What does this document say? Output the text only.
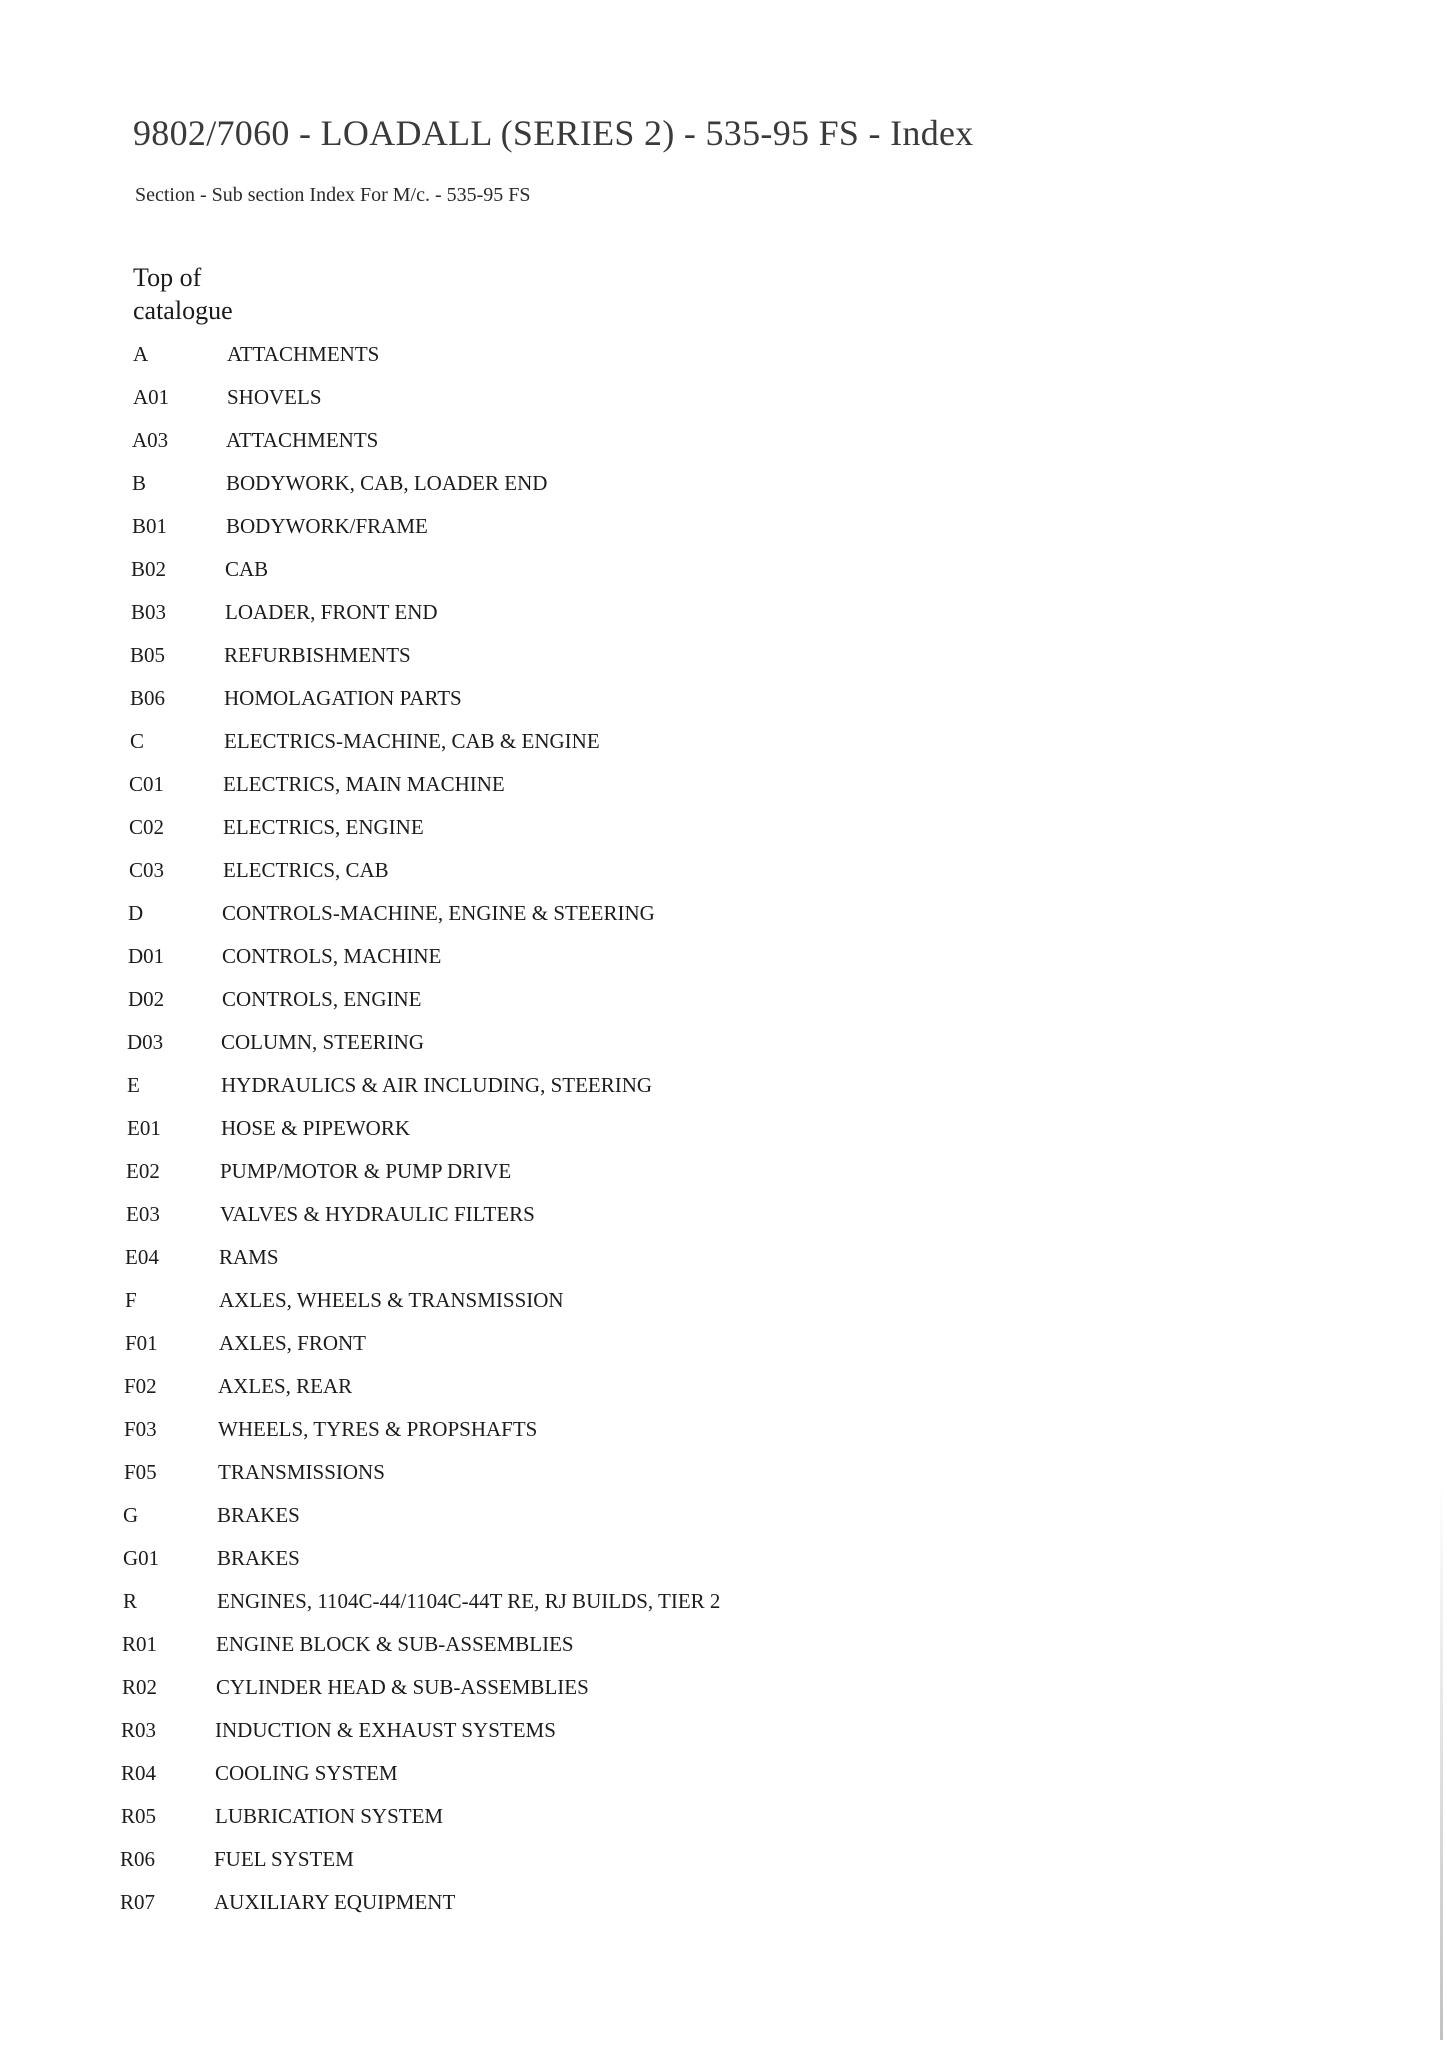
9802/7060 - LOADALL (SERIES 2) - 535-95 FS - Index
Section - Sub section Index For M/c. - 535-95 FS
Top of catalogue
A	ATTACHMENTS
A01	SHOVELS
A03	ATTACHMENTS
B	BODYWORK, CAB, LOADER END
B01	BODYWORK/FRAME
B02	CAB
B03	LOADER, FRONT END
B05	REFURBISHMENTS
B06	HOMOLAGATION PARTS
C	ELECTRICS-MACHINE, CAB & ENGINE
C01	ELECTRICS, MAIN MACHINE
C02	ELECTRICS, ENGINE
C03	ELECTRICS, CAB
D	CONTROLS-MACHINE, ENGINE & STEERING
D01	CONTROLS, MACHINE
D02	CONTROLS, ENGINE
D03	COLUMN, STEERING
E	HYDRAULICS & AIR INCLUDING, STEERING
E01	HOSE & PIPEWORK
E02	PUMP/MOTOR & PUMP DRIVE
E03	VALVES & HYDRAULIC FILTERS
E04	RAMS
F	AXLES, WHEELS & TRANSMISSION
F01	AXLES, FRONT
F02	AXLES, REAR
F03	WHEELS, TYRES & PROPSHAFTS
F05	TRANSMISSIONS
G	BRAKES
G01	BRAKES
R	ENGINES, 1104C-44/1104C-44T RE, RJ BUILDS, TIER 2
R01	ENGINE BLOCK & SUB-ASSEMBLIES
R02	CYLINDER HEAD & SUB-ASSEMBLIES
R03	INDUCTION & EXHAUST SYSTEMS
R04	COOLING SYSTEM
R05	LUBRICATION SYSTEM
R06	FUEL SYSTEM
R07	AUXILIARY EQUIPMENT
